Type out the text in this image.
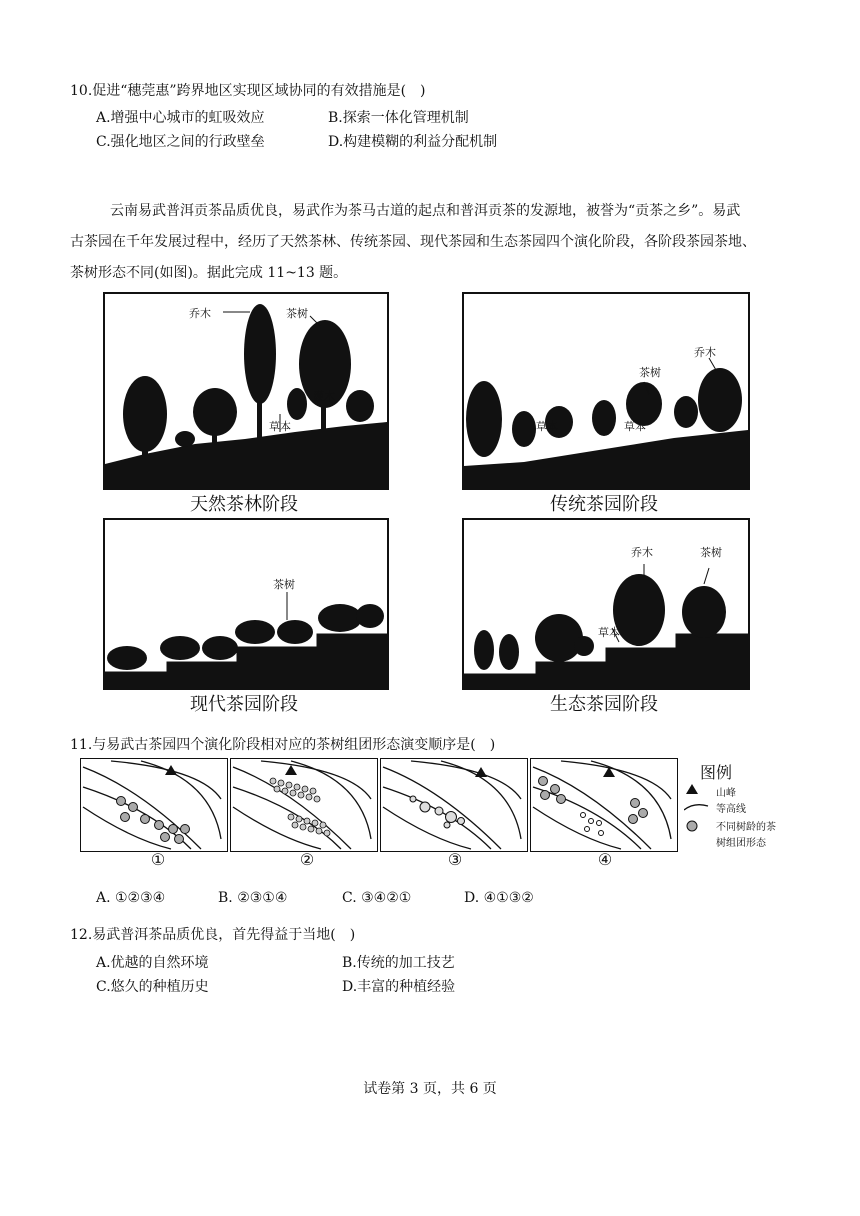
10.促进“穗莞惠”跨界地区实现区域协同的有效措施是(　)
A.增强中心城市的虹吸效应	B.探索一体化管理机制
C.强化地区之间的行政壁垒	D.构建模糊的利益分配机制
云南易武普洱贡茶品质优良，易武作为茶马古道的起点和普洱贡茶的发源地，被誉为“贡茶之乡”。易武
古茶园在千年发展过程中，经历了天然茶林、传统茶园、现代茶园和生态茶园四个演化阶段，各阶段茶园茶地、
茶树形态不同(如图)。据此完成 11~13 题。
乔木	茶树
灌木
草本
天然茶林阶段
茶树
乔木
草本	草本
传统茶园阶段
茶树
现代茶园阶段
乔木	茶树
草本
生态茶园阶段
11.与易武古茶园四个演化阶段相对应的茶树组团形态演变顺序是(　)
①	②	③	④
图例
山峰
等高线
不同树龄的茶
树组团形态
A. ①②③④	B. ②③①④	C. ③④②①	D. ④①③②
12.易武普洱茶品质优良，首先得益于当地(　)
A.优越的自然环境	B.传统的加工技艺
C.悠久的种植历史	D.丰富的种植经验
试卷第 3 页，共 6 页
